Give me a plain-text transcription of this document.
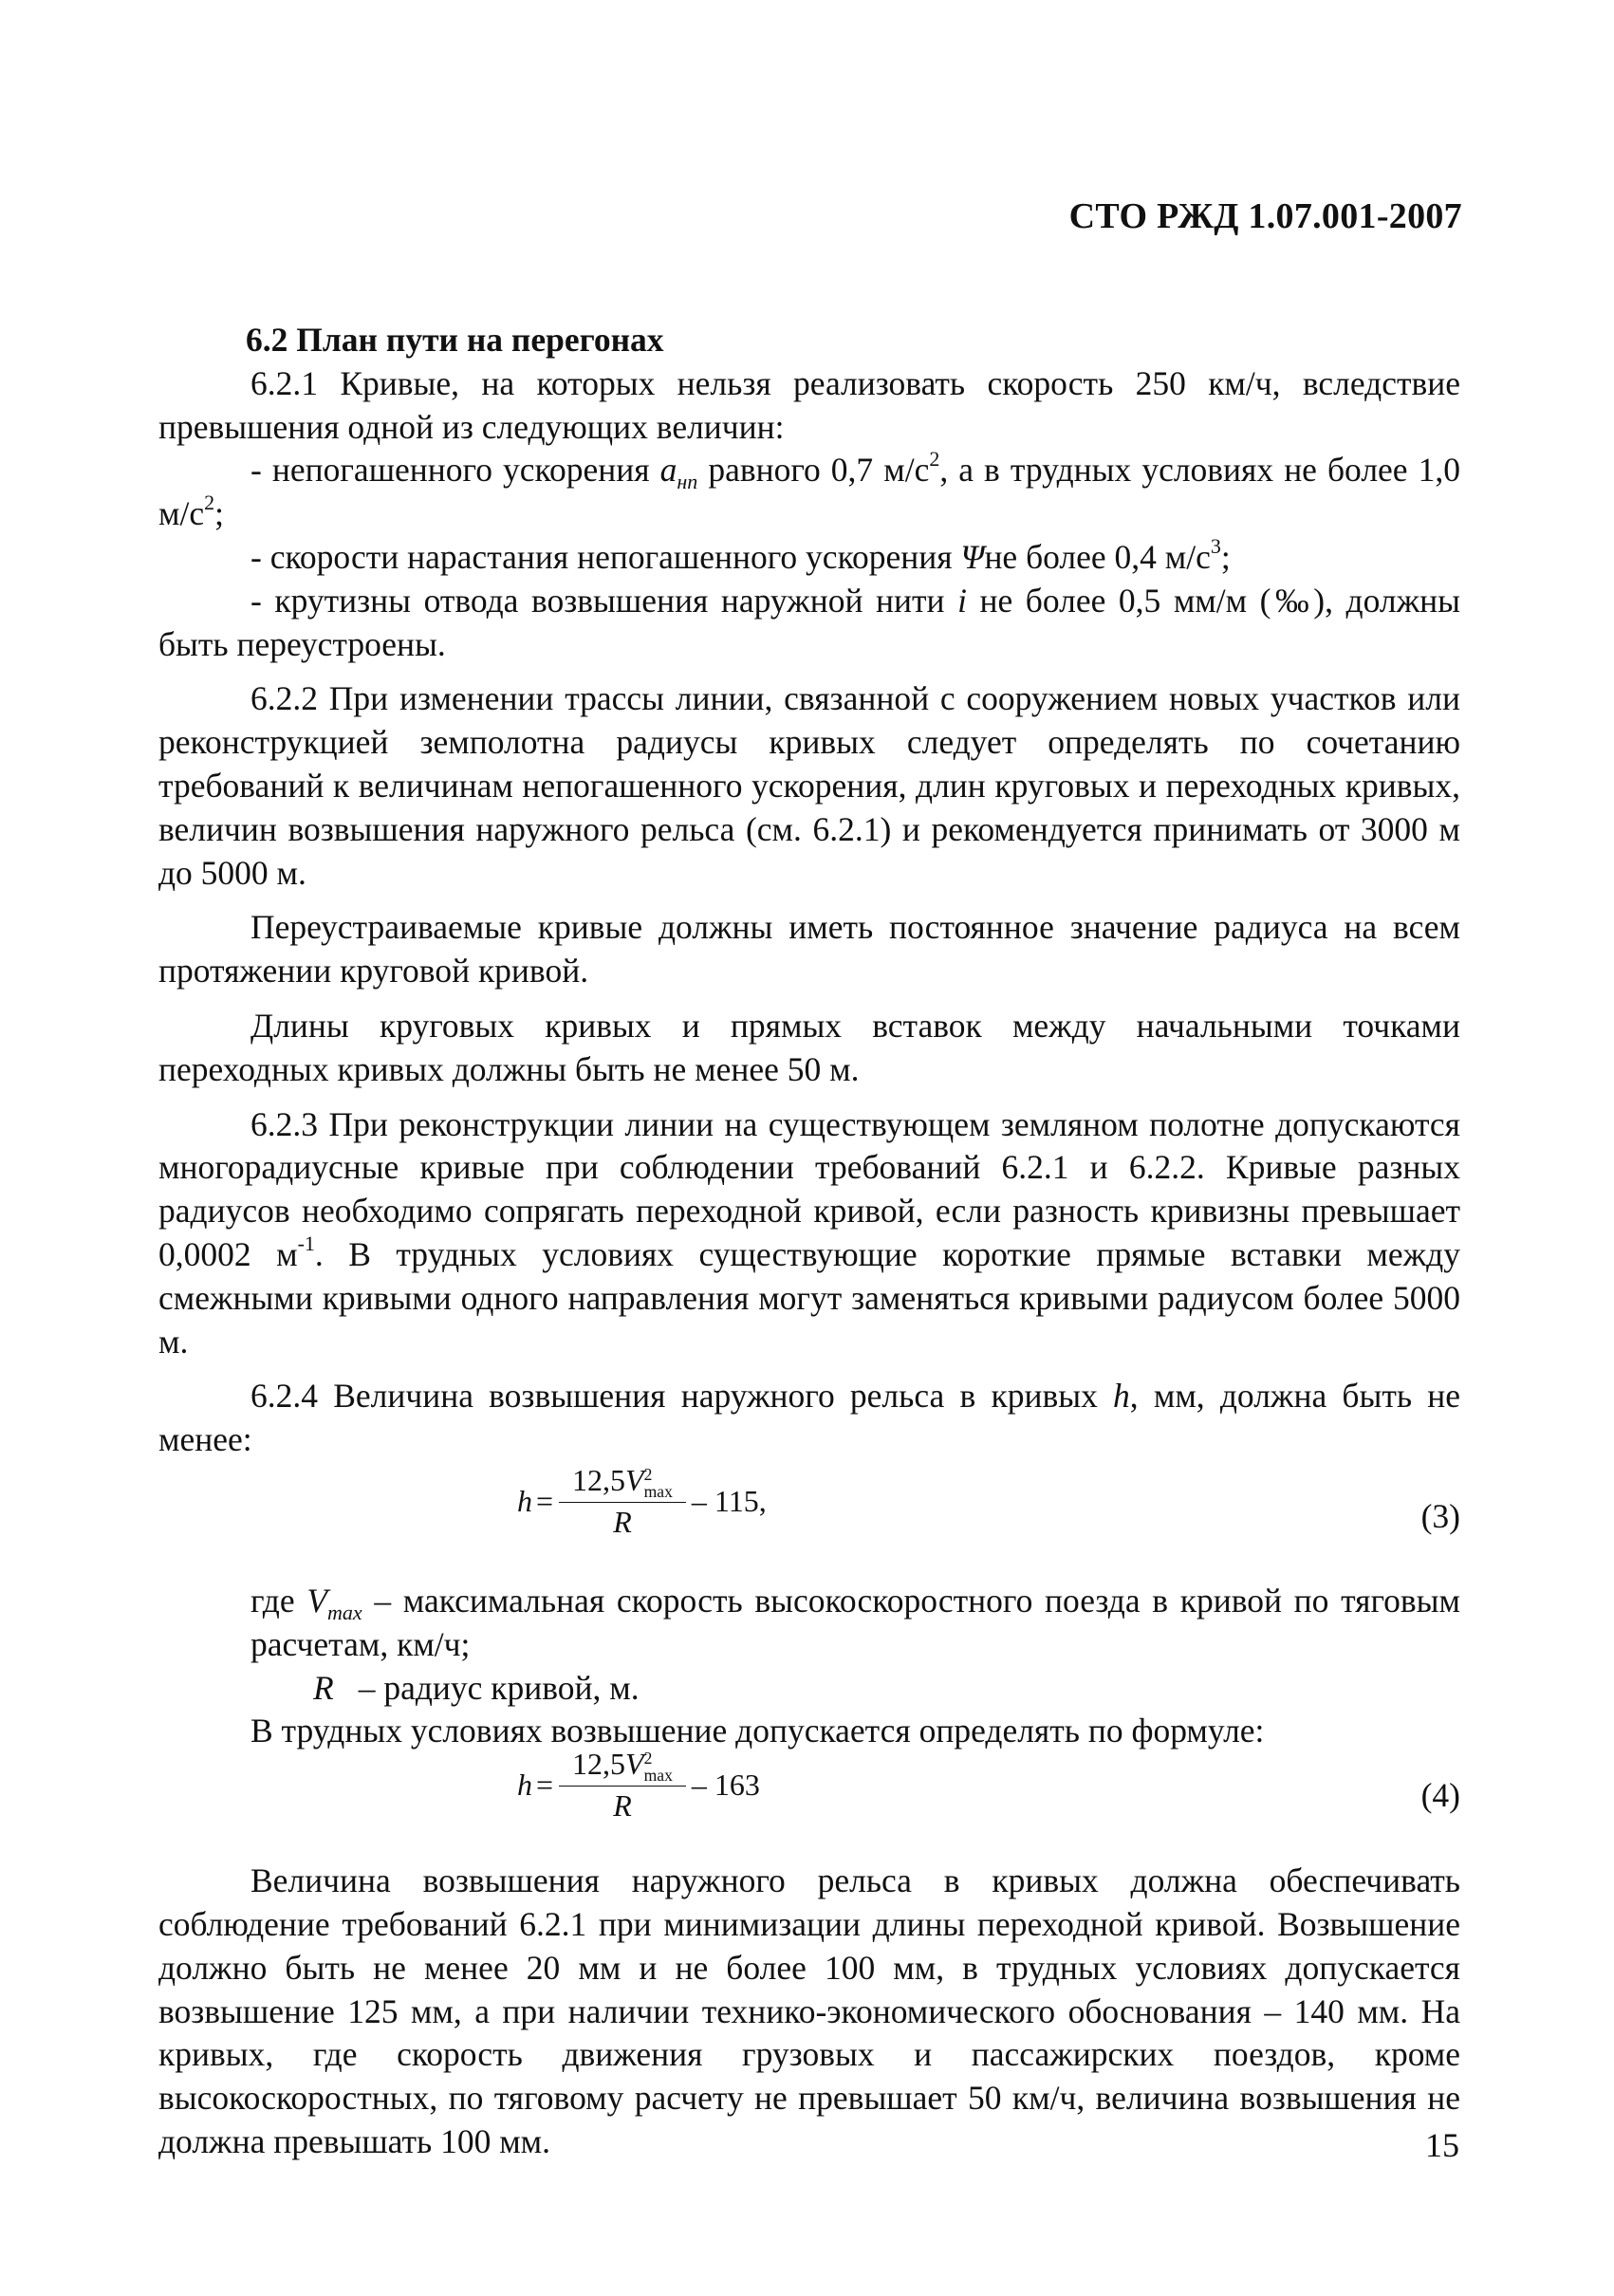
СТО РЖД 1.07.001-2007

6.2 План пути на перегонах

6.2.1 Кривые, на которых нельзя реализовать скорость 250 км/ч, вследствие превышения одной из следующих величин:

- непогашенного ускорения $a_{нп}$ равного 0,7 $м/с^2$, а в трудных условиях не более 1,0 $м/с^2$;

- скорости нарастания непогашенного ускорения Ψне более 0,4 $м/с^3$;

- крутизны отвода возвышения наружной нити i не более 0,5 мм/м (‰), должны быть переустроены.

6.2.2 При изменении трассы линии, связанной с сооружением новых участков или реконструкцией земполотна радиусы кривых следует определять по сочетанию требований к величинам непогашенного ускорения, длин круговых и переходных кривых, величин возвышения наружного рельса (см. 6.2.1) и рекомендуется принимать от 3000 м до 5000 м.

Переустраиваемые кривые должны иметь постоянное значение радиуса на всем протяжении круговой кривой.

Длины круговых кривых и прямых вставок между начальными точками переходных кривых должны быть не менее 50 м.

6.2.3 При реконструкции линии на существующем земляном полотне допускаются многорадиусные кривые при соблюдении требований 6.2.1 и 6.2.2. Кривые разных радиусов необходимо сопрягать переходной кривой, если разность кривизны превышает 0,0002 $м^{-1}$. В трудных условиях существующие короткие прямые вставки между смежными кривыми одного направления могут заменяться кривыми радиусом более 5000 м.

6.2.4 Величина возвышения наружного рельса в кривых h, мм, должна быть не менее:

h = 12,5V 2
max
R – 115,	(3)

где $V_{max}$ – максимальная скорость высокоскоростного поезда в кривой по тяговым расчетам, км/ч;

R – радиус кривой, м.

В трудных условиях возвышение допускается определять по формуле:

h = 12,5V 2
max
R – 163	(4)

Величина возвышения наружного рельса в кривых должна обеспечивать соблюдение требований 6.2.1 при минимизации длины переходной кривой. Возвышение должно быть не менее 20 мм и не более 100 мм, в трудных условиях допускается возвышение 125 мм, а при наличии технико-экономического обоснования – 140 мм. На кривых, где скорость движения грузовых и пассажирских поездов, кроме высокоскоростных, по тяговому расчету не превышает 50 км/ч, величина возвышения не должна превышать 100 мм.	15
